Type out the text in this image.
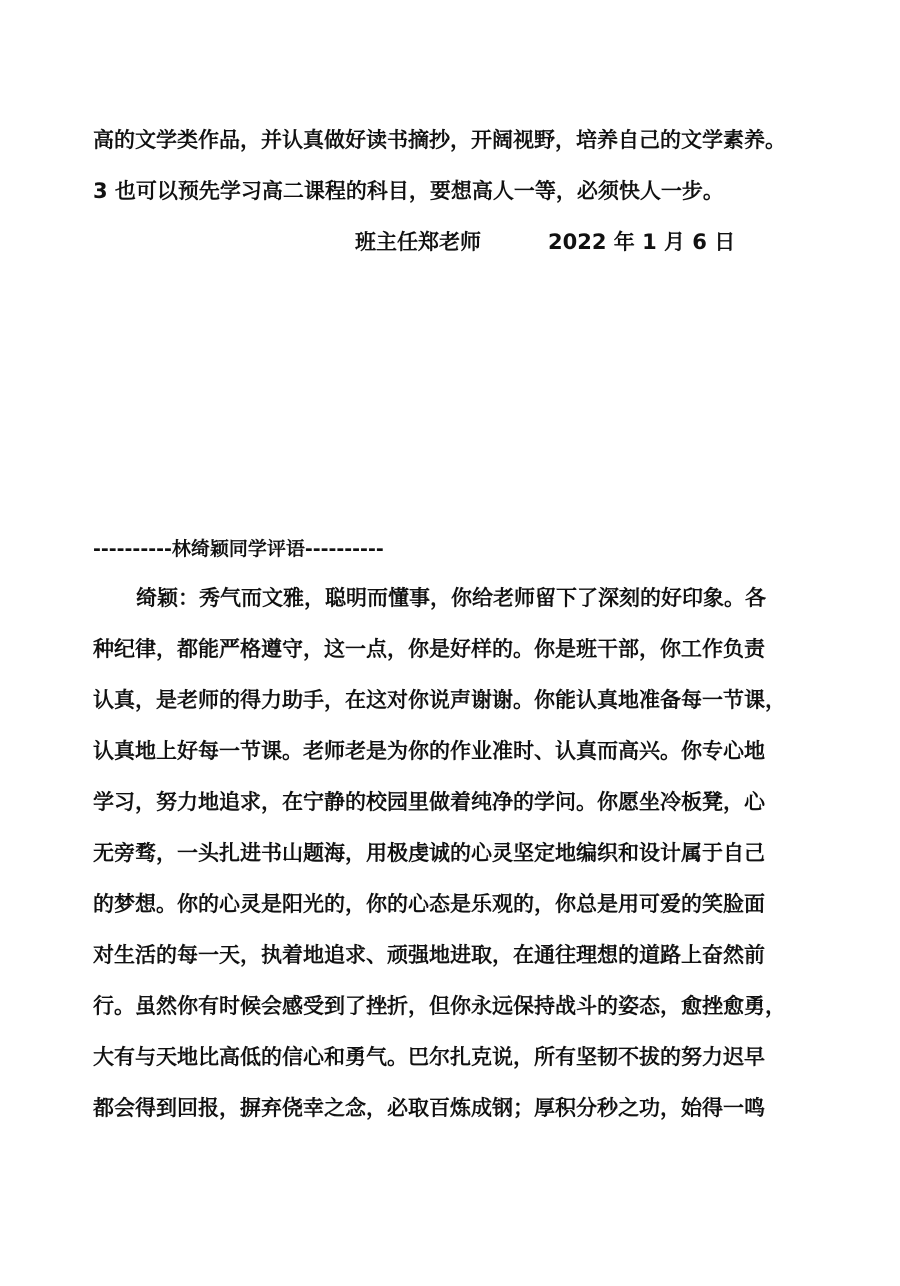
高的文学类作品，并认真做好读书摘抄，开阔视野，培养自己的文学素养。
3 也可以预先学习高二课程的科目，要想高人一等，必须快人一步。
班主任郑老师	2022 年 1 月 6 日
----------林绮颖同学评语----------
绮颖：秀气而文雅，聪明而懂事，你给老师留下了深刻的好印象。各
种纪律，都能严格遵守，这一点，你是好样的。你是班干部，你工作负责
认真，是老师的得力助手，在这对你说声谢谢。你能认真地准备每一节课，
认真地上好每一节课。老师老是为你的作业准时、认真而高兴。你专心地
学习，努力地追求，在宁静的校园里做着纯净的学问。你愿坐冷板凳，心
无旁骛，一头扎进书山题海，用极虔诚的心灵坚定地编织和设计属于自己
的梦想。你的心灵是阳光的，你的心态是乐观的，你总是用可爱的笑脸面
对生活的每一天，执着地追求、顽强地进取，在通往理想的道路上奋然前
行。虽然你有时候会感受到了挫折，但你永远保持战斗的姿态，愈挫愈勇，
大有与天地比高低的信心和勇气。巴尔扎克说，所有坚韧不拔的努力迟早
都会得到回报，摒弃侥幸之念，必取百炼成钢；厚积分秒之功，始得一鸣
